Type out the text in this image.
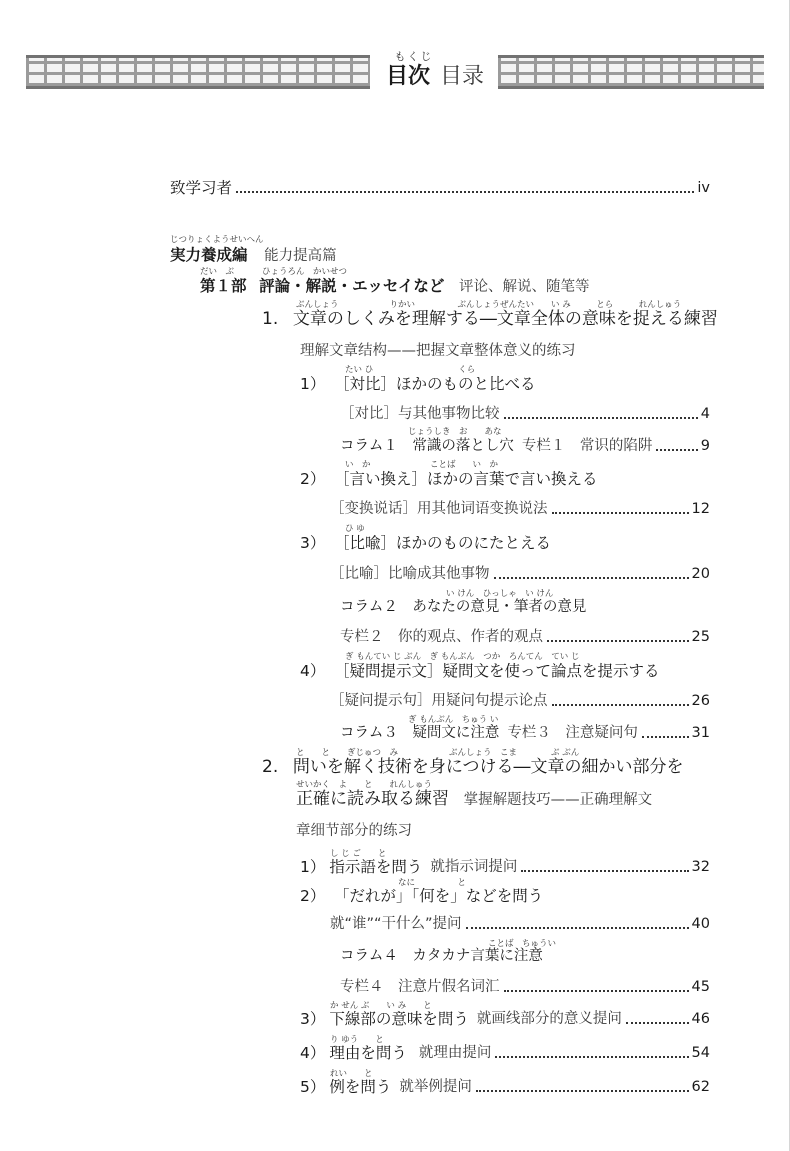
もくじ
目次 目录
致学习者	iv
じつりょくようせいへん
実力養成編 能力提高篇
だい　ぶ	ひょうろん　かいせつ
第１部 評論・解説・エッセイなど 评论、解说、随笔等
ぶんしょう　　　　　　りかい　　　　　ぶんしょうぜんたい　　い み　　　とら　　　れんしゅう
1. 文章のしくみを理解する―文章全体の意味を捉える練習
理解文章结构——把握文章整体意义的练习
たい ひ　　　　　　　　　　くら
1） ［対比］ほかのものと比べる
［对比］与其他事物比较	4
じょうしき　お　　あな
コラム１　常識の落とし穴 专栏１　常识的陷阱	9
い　か　　　　　　　ことば　　い　か
2） ［言い換え］ほかの言葉で言い換える
［变换说话］用其他词语变换说法	12
ひ ゆ
3） ［比喩］ほかのものにたとえる
［比喻］比喻成其他事物	20
い けん　ひっしゃ　い けん
コラム２　あなたの意見・筆者の意見
专栏２　你的观点、作者的观点	25
ぎ もんてい じ ぶん　ぎ もんぶん　つか　ろんてん　てい じ
4） ［疑問提示文］疑問文を使って論点を提示する
［疑问提示句］用疑问句提示论点	26
ぎ もんぶん　ちゅう い
コラム３　疑問文に注意 专栏３　注意疑问句	31
と　　と　　ぎじゅつ　み　　　　　　ぶんしょう　こま　　　　ぶ ぶん
2. 問いを解く技術を身につける―文章の細かい部分を
せいかく　よ　　と　　れんしゅう
正確に読み取る練習 掌握解题技巧——正确理解文
章细节部分的练习
し じ ご　　と
1） 指示語を問う 就指示词提问	32
なに　　　　　と
2） 「だれが」「何を」などを問う
就“谁”“干什么”提问	40
ことば　ちゅうい
コラム４　カタカナ言葉に注意
专栏４　注意片假名词汇	45
か せん ぶ　　い み　　と
3） 下線部の意味を問う 就画线部分的意义提问	46
り ゆう　　と
4） 理由を問う 就理由提问	54
れい　　と
5） 例を問う 就举例提问	62
